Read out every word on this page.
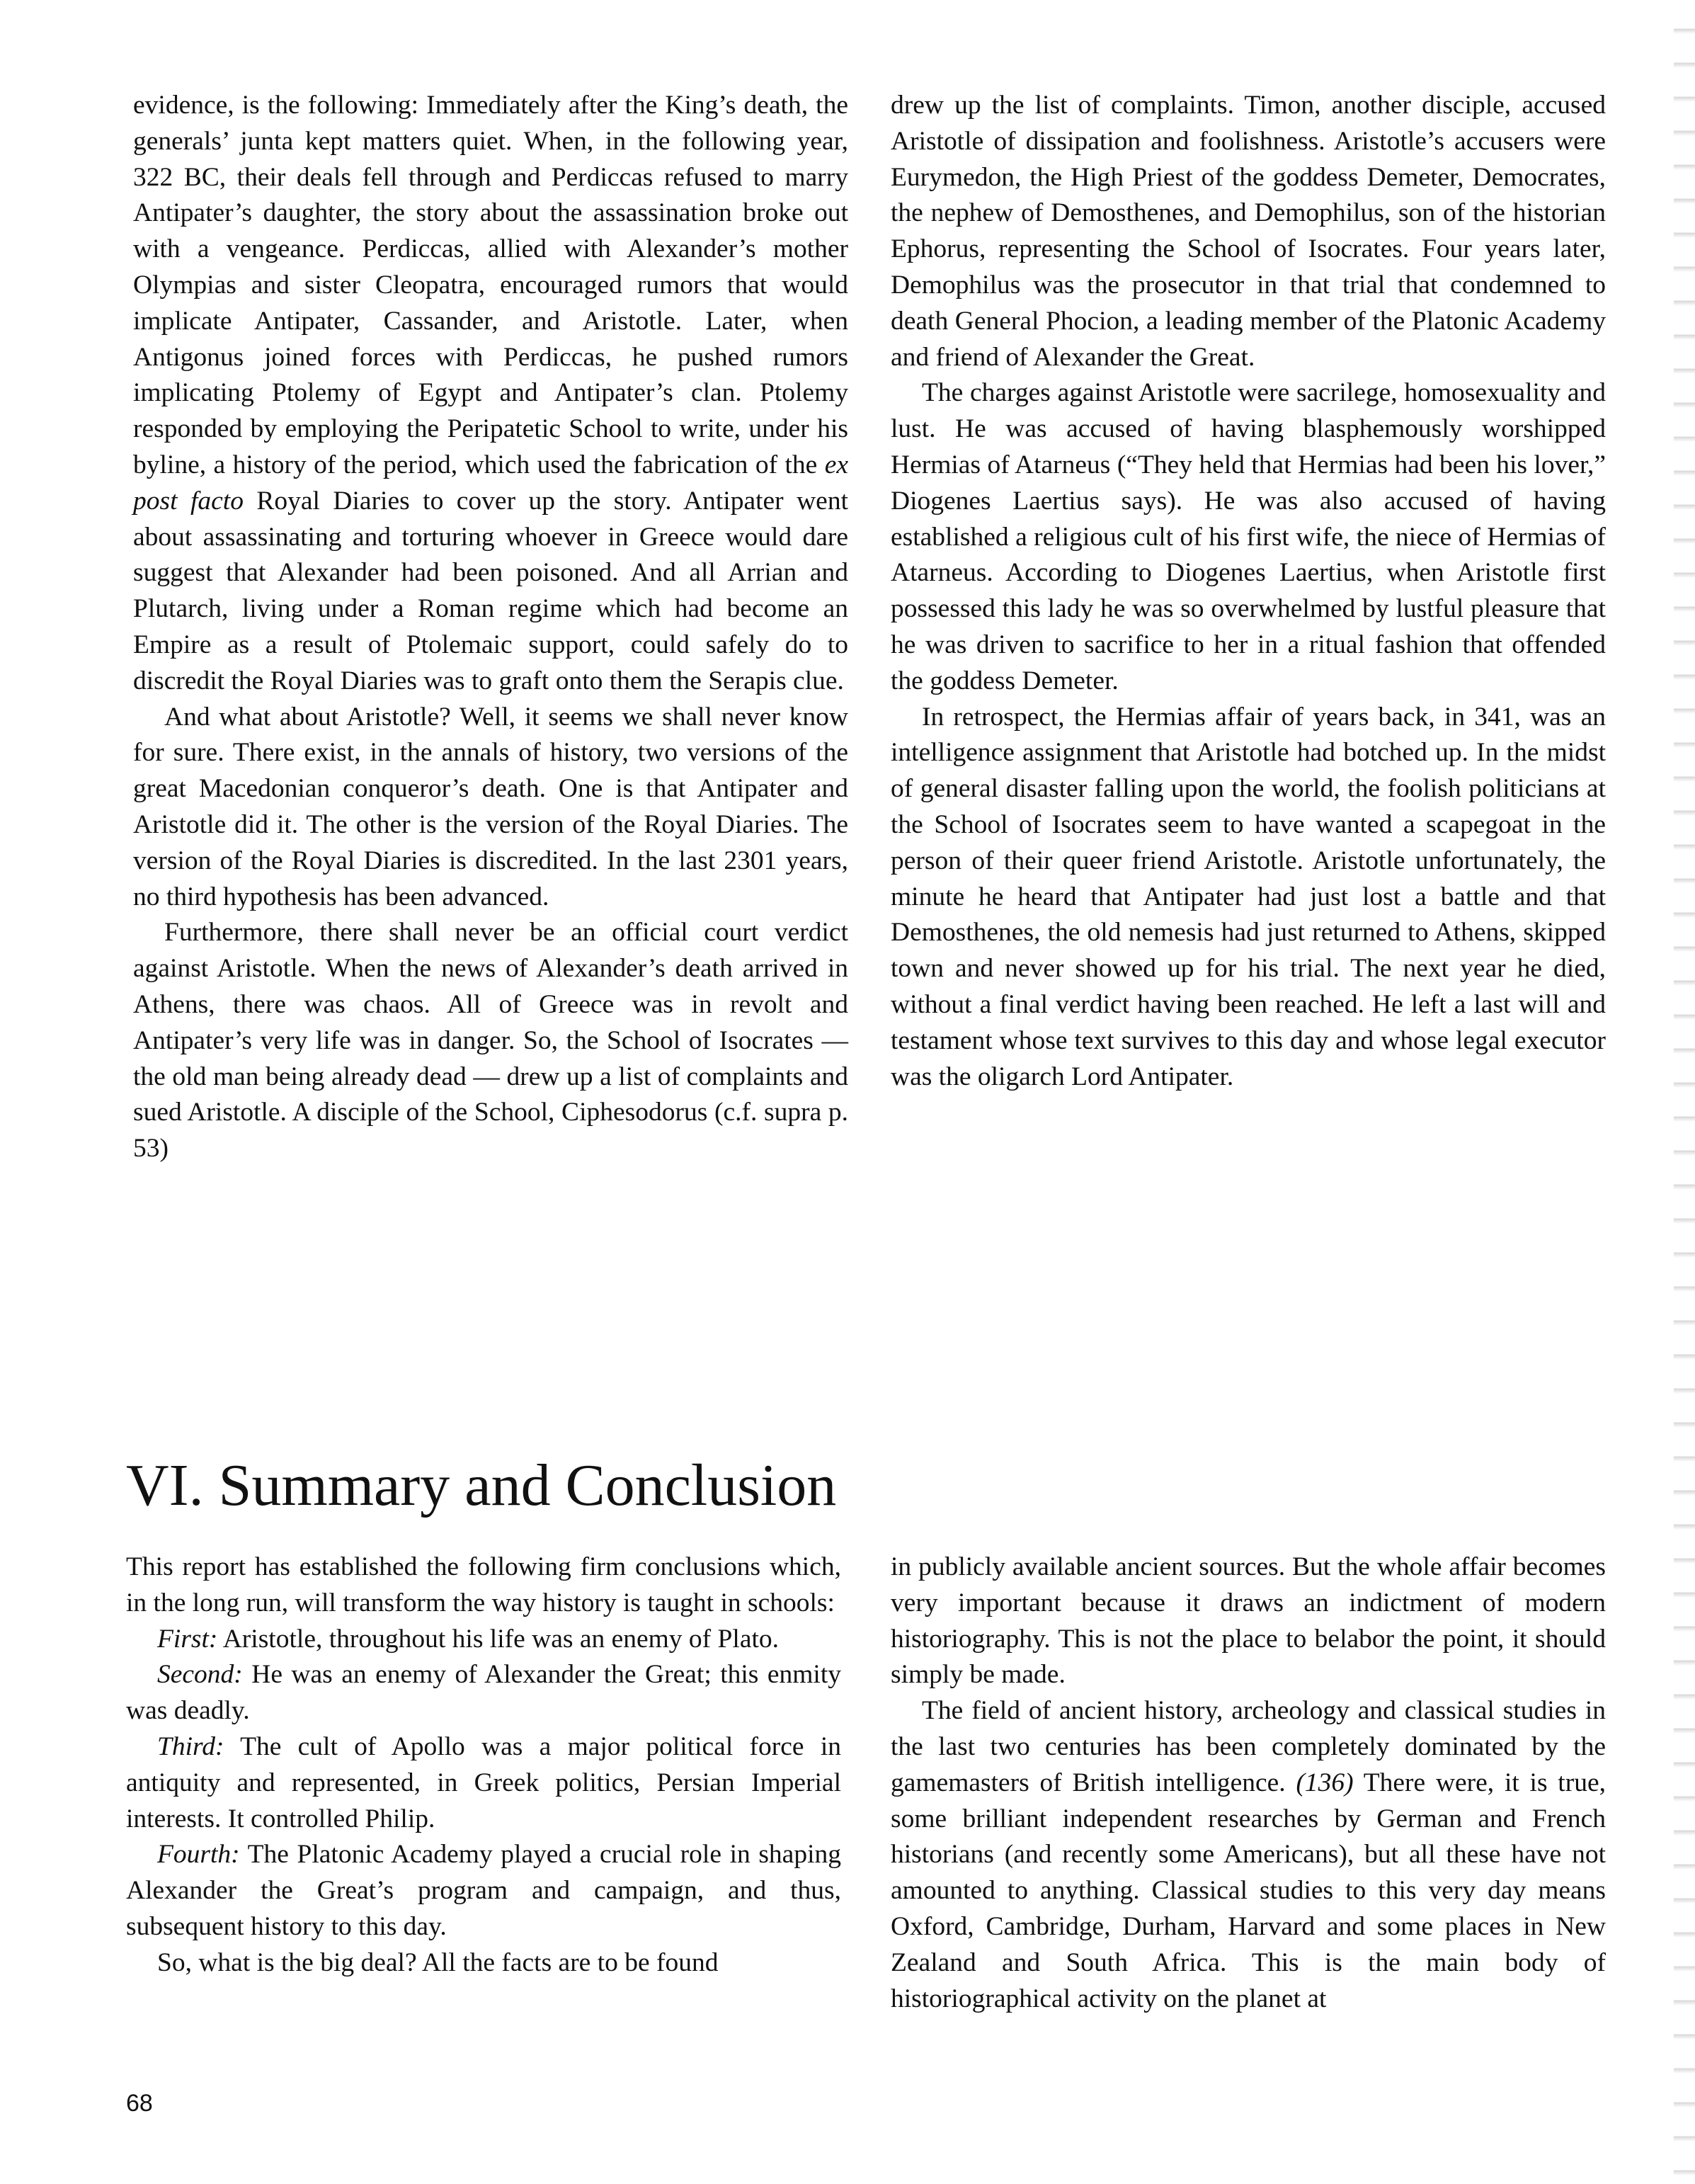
evidence, is the following: Immediately after the King’s death, the generals’ junta kept matters quiet. When, in the following year, 322 BC, their deals fell through and Perdiccas refused to marry Antipater’s daughter, the story about the assassination broke out with a vengeance. Perdiccas, allied with Alexander’s mother Olympias and sister Cleopatra, encouraged rumors that would implicate Antipater, Cassander, and Aristotle. Later, when Antigonus joined forces with Perdiccas, he pushed rumors implicating Ptolemy of Egypt and Antipater’s clan. Ptolemy responded by employing the Peripatetic School to write, under his byline, a history of the period, which used the fabrication of the ex post facto Royal Diaries to cover up the story. Antipater went about assassinating and torturing whoever in Greece would dare suggest that Alexander had been poisoned. And all Arrian and Plutarch, living under a Roman regime which had become an Empire as a result of Ptolemaic support, could safely do to discredit the Royal Diaries was to graft onto them the Serapis clue.

And what about Aristotle? Well, it seems we shall never know for sure. There exist, in the annals of history, two versions of the great Macedonian conqueror’s death. One is that Antipater and Aristotle did it. The other is the version of the Royal Diaries. The version of the Royal Diaries is discredited. In the last 2301 years, no third hypothesis has been advanced.

Furthermore, there shall never be an official court verdict against Aristotle. When the news of Alexander’s death arrived in Athens, there was chaos. All of Greece was in revolt and Antipater’s very life was in danger. So, the School of Isocrates — the old man being already dead — drew up a list of complaints and sued Aristotle. A disciple of the School, Ciphesodorus (c.f. supra p. 53)

drew up the list of complaints. Timon, another disciple, accused Aristotle of dissipation and foolishness. Aristotle’s accusers were Eurymedon, the High Priest of the goddess Demeter, Democrates, the nephew of Demosthenes, and Demophilus, son of the historian Ephorus, representing the School of Isocrates. Four years later, Demophilus was the prosecutor in that trial that condemned to death General Phocion, a leading member of the Platonic Academy and friend of Alexander the Great.

The charges against Aristotle were sacrilege, homosexuality and lust. He was accused of having blasphemously worshipped Hermias of Atarneus (“They held that Hermias had been his lover,” Diogenes Laertius says). He was also accused of having established a religious cult of his first wife, the niece of Hermias of Atarneus. According to Diogenes Laertius, when Aristotle first possessed this lady he was so overwhelmed by lustful pleasure that he was driven to sacrifice to her in a ritual fashion that offended the goddess Demeter.

In retrospect, the Hermias affair of years back, in 341, was an intelligence assignment that Aristotle had botched up. In the midst of general disaster falling upon the world, the foolish politicians at the School of Isocrates seem to have wanted a scapegoat in the person of their queer friend Aristotle. Aristotle unfortunately, the minute he heard that Antipater had just lost a battle and that Demosthenes, the old nemesis had just returned to Athens, skipped town and never showed up for his trial. The next year he died, without a final verdict having been reached. He left a last will and testament whose text survives to this day and whose legal executor was the oligarch Lord Antipater.

VI. Summary and Conclusion

This report has established the following firm conclusions which, in the long run, will transform the way history is taught in schools:

First: Aristotle, throughout his life was an enemy of Plato.

Second: He was an enemy of Alexander the Great; this enmity was deadly.

Third: The cult of Apollo was a major political force in antiquity and represented, in Greek politics, Persian Imperial interests. It controlled Philip.

Fourth: The Platonic Academy played a crucial role in shaping Alexander the Great’s program and campaign, and thus, subsequent history to this day.

So, what is the big deal? All the facts are to be found

in publicly available ancient sources. But the whole affair becomes very important because it draws an indictment of modern historiography. This is not the place to belabor the point, it should simply be made.

The field of ancient history, archeology and classical studies in the last two centuries has been completely dominated by the gamemasters of British intelligence. (136) There were, it is true, some brilliant independent researches by German and French historians (and recently some Americans), but all these have not amounted to anything. Classical studies to this very day means Oxford, Cambridge, Durham, Harvard and some places in New Zealand and South Africa. This is the main body of historiographical activity on the planet at

68
